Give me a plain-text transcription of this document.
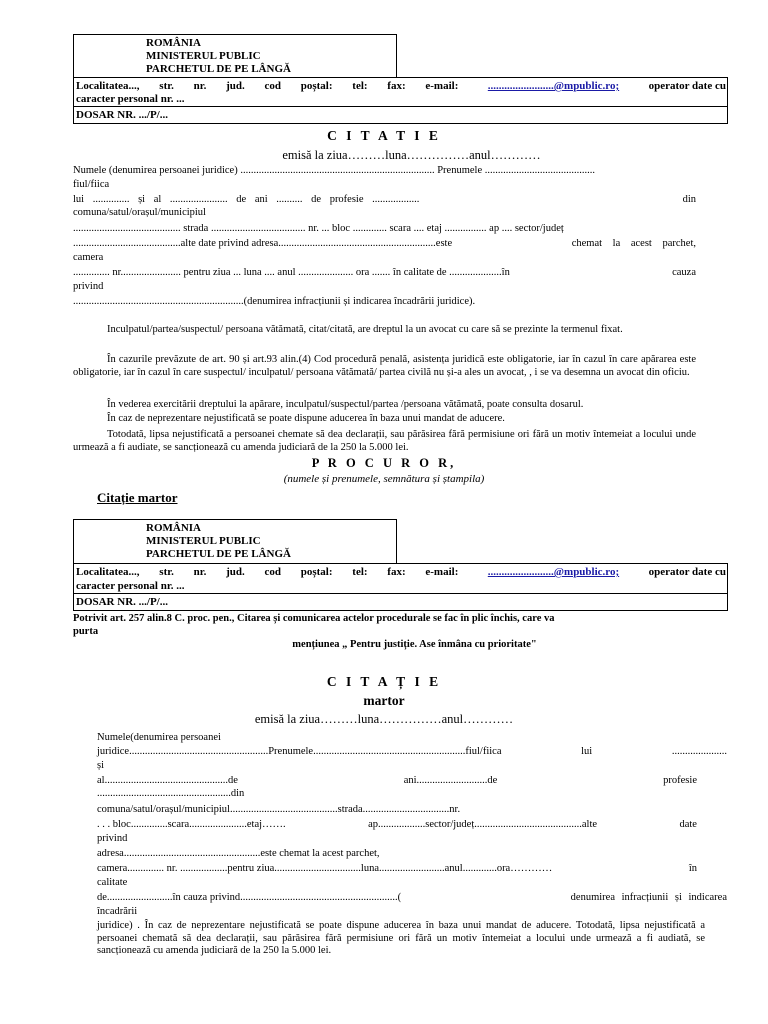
ROMÂNIA
MINISTERUL PUBLIC
PARCHETUL DE PE LÂNGĂ
Localitatea..., str. nr. jud. cod poștal: tel: fax: e-mail:	........................@mpublic.ro;	operator date cu
caracter personal nr. ...
DOSAR NR. .../P/...
C I T A T I E
emisă la ziua………luna……………anul…………
Numele (denumirea persoanei juridice) .......................................................................... Prenumele ..........................................
fiul/fiica
lui .............. și al ...................... de ani .......... de profesie ..................	din
comuna/satul/orașul/municipiul
......................................... strada .................................... nr. ... bloc ............. scara .... etaj ................ ap .... sector/județ
.........................................alte date privind adresa............................................................este	chemat la acest parchet,
camera
.............. nr....................... pentru ziua ... luna .... anul ..................... ora ....... în calitate de ....................în	cauza
privind
.................................................................(denumirea infracțiunii și indicarea încadrării juridice).
Inculpatul/partea/suspectul/ persoana vătămată, citat/citată, are dreptul la un avocat cu care să se prezinte la termenul fixat.
În cazurile prevăzute de art. 90 și art.93 alin.(4) Cod procedură penală, asistența juridică este obligatorie, iar în cazul în care apărarea este obligatorie, iar în cazul în care suspectul/ inculpatul/ persoana vătămată/ partea civilă nu și-a ales un avocat, , i se va desemna un avocat din oficiu.
În vederea exercitării dreptului la apărare, inculpatul/suspectul/partea /persoana vătămată, poate consulta dosarul.
În caz de neprezentare nejustificată se poate dispune aducerea în baza unui mandat de aducere.
Totodată, lipsa nejustificată a persoanei chemate să dea declarații, sau părăsirea fără permisiune ori fără un motiv întemeiat a locului unde urmează a fi audiate, se sancționează cu amenda judiciară de la 250 la 5.000 lei.
P R O C U R O R,
(numele și prenumele, semnătura și ștampila)
Citație martor
ROMÂNIA
MINISTERUL PUBLIC
PARCHETUL DE PE LÂNGĂ
Localitatea..., str. nr. jud. cod poștal: tel: fax: e-mail:	........................@mpublic.ro;	operator date cu
caracter personal nr. ...
DOSAR NR. .../P/...
Potrivit art. 257 alin.8 C. proc. pen., Citarea și comunicarea actelor procedurale se fac în plic închis, care va
purta
mențiunea „ Pentru justiție. Ase înmâna cu prioritate"
C I T A Ț I E
martor
emisă la ziua………luna……………anul…………
Numele(denumirea persoanei
juridice.....................................................Prenumele..........................................................fiul/fiica	lui	.....................
și
al...............................................de	ani...........................de	profesie
...................................................din
comuna/satul/orașul/municipiul.........................................strada.................................nr.
. . . bloc..............scara......................etaj…….	ap..................sector/județ.........................................alte	date
privind
adresa....................................................este chemat la acest parchet,
camera.............. nr. ..................pentru ziua.................................luna.........................anul.............ora…………	în
calitate
de.........................în cauza privind............................................................(	denumirea infracțiunii și indicarea
încadrării
juridice) . În caz de neprezentare nejustificată se poate dispune aducerea în baza unui mandat de aducere. Totodată, lipsa nejustificată a persoanei chemată să dea declarații, sau părăsirea fără permisiune ori fără un motiv întemeiat a locului unde urmează a fi audiată, se sancționează cu amenda judiciară de la 250 la 5.000 lei.
